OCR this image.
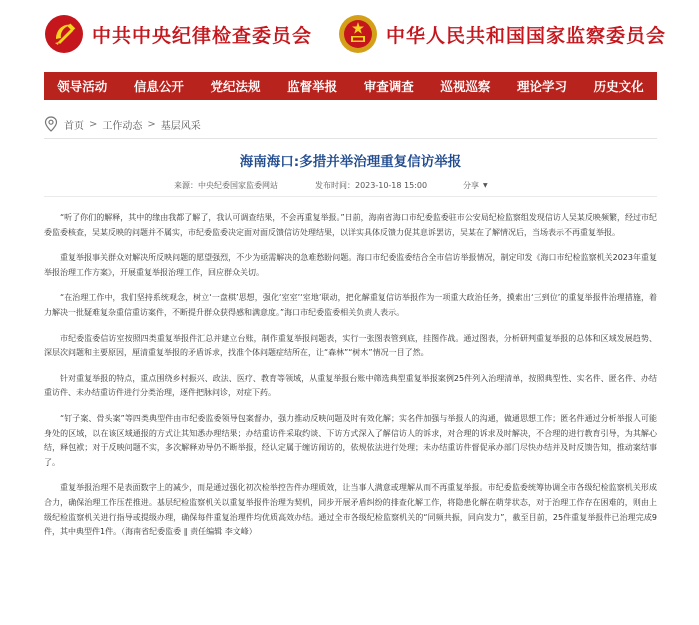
中共中央纪律检查委员会	中华人民共和国国家监察委员会
领导活动 信息公开 党纪法规 监督举报 审查调查 巡视巡察 理论学习 历史文化
首页 > 工作动态 > 基层风采
海南海口:多措并举治理重复信访举报
来源：中央纪委国家监委网站	发布时间：2023-10-18 15:00	分享 ▼

“听了你们的解释，其中的缘由我都了解了，我认可调查结果，不会再重复举报。”日前，海南省海口市纪委监委驻市公安局纪检监察组发现信访人吴某反映频繁，经过市纪委监委核查，吴某反映的问题并不属实，市纪委监委决定面对面反馈信访处理结果，以详实具体反馈力促其息诉罢访，吴某在了解情况后，当场表示不再重复举报。

重复举报事关群众对解决所反映问题的愿望强烈，不少为亟需解决的急难愁盼问题。海口市纪委监委结合全市信访举报情况，制定印发《海口市纪检监察机关2023年重复举报治理工作方案》，开展重复举报治理工作，回应群众关切。

“在治理工作中，我们坚持系统观念，树立‘一盘棋’思想，强化‘室室’‘室地’联动，把化解重复信访举报作为一项重大政治任务，摸索出‘三到位’的重复举报件治理措施，着力解决一批疑难复杂重信重访案件，不断提升群众获得感和满意度。”海口市纪委监委相关负责人表示。

市纪委监委信访室按照四类重复举报件汇总并建立台账，制作重复举报问题表，实行一张图表管到底，挂图作战。通过图表，分析研判重复举报的总体和区域发展趋势、深层次问题和主要原因，厘清重复举报的矛盾诉求，找准个体问题症结所在，让“森林”“树木”情况一目了然。

针对重复举报的特点，重点围绕乡村振兴、政法、医疗、教育等领域，从重复举报台账中筛选典型重复举报案例25件列入治理清单，按照典型性、实名件、匿名件、办结重访件、未办结重访件进行分类治理，逐件把脉问诊，对症下药。

“钉子案、骨头案”等四类典型件由市纪委监委领导包案督办，强力推动反映问题及时有效化解；实名件加强与举报人的沟通，做通思想工作；匿名件通过分析举报人可能身处的区域，以在该区域通报的方式让其知悉办理结果；办结重访件采取约谈、下访方式深入了解信访人的诉求，对合理的诉求及时解决，不合理的进行教育引导，为其解心结，释包袱；对于反映问题不实，多次解释劝导仍不断举报，经认定属于缠访闹访的，依规依法进行处理；未办结重访件督促承办部门尽快办结并及时反馈告知，推动案结事了。

重复举报治理不是表面数字上的减少，而是通过强化初次检举控告件办理质效，让当事人满意或理解从而不再重复举报。市纪委监委统筹协调全市各级纪检监察机关形成合力，确保治理工作压茬推进。基层纪检监察机关以重复举报件治理为契机，同步开展矛盾纠纷的排查化解工作，将隐患化解在萌芽状态，对于治理工作存在困难的，则由上级纪检监察机关进行指导或提级办理，确保每件重复治理件均优质高效办结。通过全市各级纪检监察机关的“同频共振，同向发力”，截至目前，25件重复举报件已治理完成9件，其中典型件1件。（海南省纪委监委 ∥ 责任编辑 李文峰）
